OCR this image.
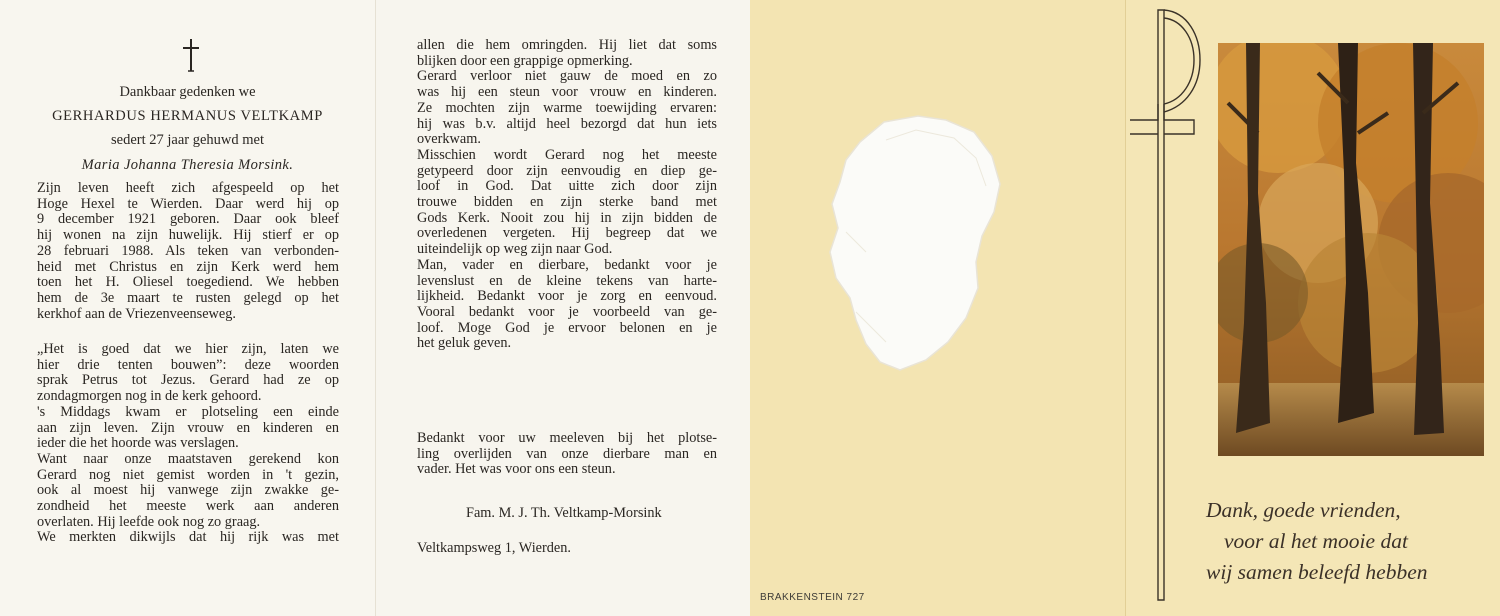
Dankbaar gedenken we
GERHARDUS HERMANUS VELTKAMP
sedert 27 jaar gehuwd met
Maria Johanna Theresia Morsink.
Zijn leven heeft zich afgespeeld op het
Hoge Hexel te Wierden. Daar werd hij op
9 december 1921 geboren. Daar ook bleef
hij wonen na zijn huwelijk. Hij stierf er op
28 februari 1988. Als teken van verbonden-
heid met Christus en zijn Kerk werd hem
toen het H. Oliesel toegediend. We hebben
hem de 3e maart te rusten gelegd op het
kerkhof aan de Vriezenveenseweg.
„Het is goed dat we hier zijn, laten we
hier drie tenten bouwen”: deze woorden
sprak Petrus tot Jezus. Gerard had ze op
zondagmorgen nog in de kerk gehoord.
's Middags kwam er plotseling een einde
aan zijn leven. Zijn vrouw en kinderen en
ieder die het hoorde was verslagen.
Want naar onze maatstaven gerekend kon
Gerard nog niet gemist worden in 't gezin,
ook al moest hij vanwege zijn zwakke ge-
zondheid het meeste werk aan anderen
overlaten. Hij leefde ook nog zo graag.
We merkten dikwijls dat hij rijk was met
allen die hem omringden. Hij liet dat soms
blijken door een grappige opmerking.
Gerard verloor niet gauw de moed en zo
was hij een steun voor vrouw en kinderen.
Ze mochten zijn warme toewijding ervaren:
hij was b.v. altijd heel bezorgd dat hun iets
overkwam.
Misschien wordt Gerard nog het meeste
getypeerd door zijn eenvoudig en diep ge-
loof in God. Dat uitte zich door zijn
trouwe bidden en zijn sterke band met
Gods Kerk. Nooit zou hij in zijn bidden de
overledenen vergeten. Hij begreep dat we
uiteindelijk op weg zijn naar God.
Man, vader en dierbare, bedankt voor je
levenslust en de kleine tekens van harte-
lijkheid. Bedankt voor je zorg en eenvoud.
Vooral bedankt voor je voorbeeld van ge-
loof. Moge God je ervoor belonen en je
het geluk geven.
Bedankt voor uw meeleven bij het plotse-
ling overlijden van onze dierbare man en
vader. Het was voor ons een steun.
Fam. M. J. Th. Veltkamp-Morsink
Veltkampsweg 1, Wierden.
BRAKKENSTEIN 727
Dank, goede vrienden,
voor al het mooie dat
wij samen beleefd hebben
